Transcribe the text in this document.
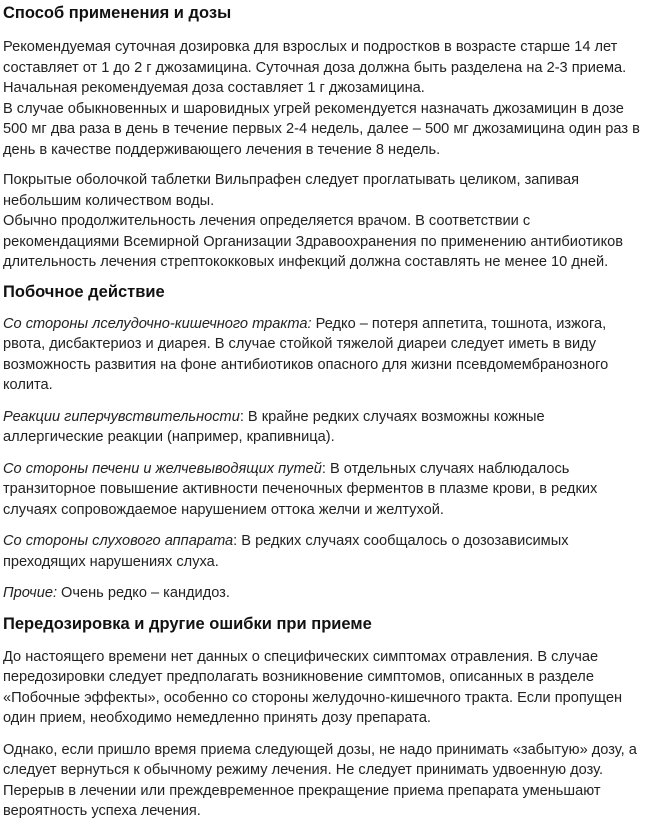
Способ применения и дозы

Рекомендуемая суточная дозировка для взрослых и подростков в возрасте старше 14 лет составляет от 1 до 2 г джозамицина. Суточная доза должна быть разделена на 2-3 приема. Начальная рекомендуемая доза составляет 1 г джозамицина.
В случае обыкновенных и шаровидных угрей рекомендуется назначать джозамицин в дозе 500 мг два раза в день в течение первых 2-4 недель, далее – 500 мг джозамицина один раз в день в качестве поддерживающего лечения в течение 8 недель.

Покрытые оболочкой таблетки Вильпрафен следует проглатывать целиком, запивая небольшим количеством воды.
Обычно продолжительность лечения определяется врачом. В соответствии с рекомендациями Всемирной Организации Здравоохранения по применению антибиотиков длительность лечения стрептококковых инфекций должна составлять не менее 10 дней.

Побочное действие

Со стороны лселудочно-кишечного тракта: Редко – потеря аппетита, тошнота, изжога, рвота, дисбактериоз и диарея. В случае стойкой тяжелой диареи следует иметь в виду возможность развития на фоне антибиотиков опасного для жизни псевдомембранозного колита.

Реакции гиперчувствительности: В крайне редких случаях возможны кожные аллергические реакции (например, крапивница).

Со стороны печени и желчевыводящих путей: В отдельных случаях наблюдалось транзиторное повышение активности печеночных ферментов в плазме крови, в редких случаях сопровождаемое нарушением оттока желчи и желтухой.

Со стороны слухового аппарата: В редких случаях сообщалось о дозозависимых преходящих нарушениях слуха.

Прочие: Очень редко – кандидоз.

Передозировка и другие ошибки при приеме

До настоящего времени нет данных о специфических симптомах отравления. В случае передозировки следует предполагать возникновение симптомов, описанных в разделе «Побочные эффекты», особенно со стороны желудочно-кишечного тракта. Если пропущен один прием, необходимо немедленно принять дозу препарата.

Однако, если пришло время приема следующей дозы, не надо принимать «забытую» дозу, а следует вернуться к обычному режиму лечения. Не следует принимать удвоенную дозу. Перерыв в лечении или преждевременное прекращение приема препарата уменьшают вероятность успеха лечения.
